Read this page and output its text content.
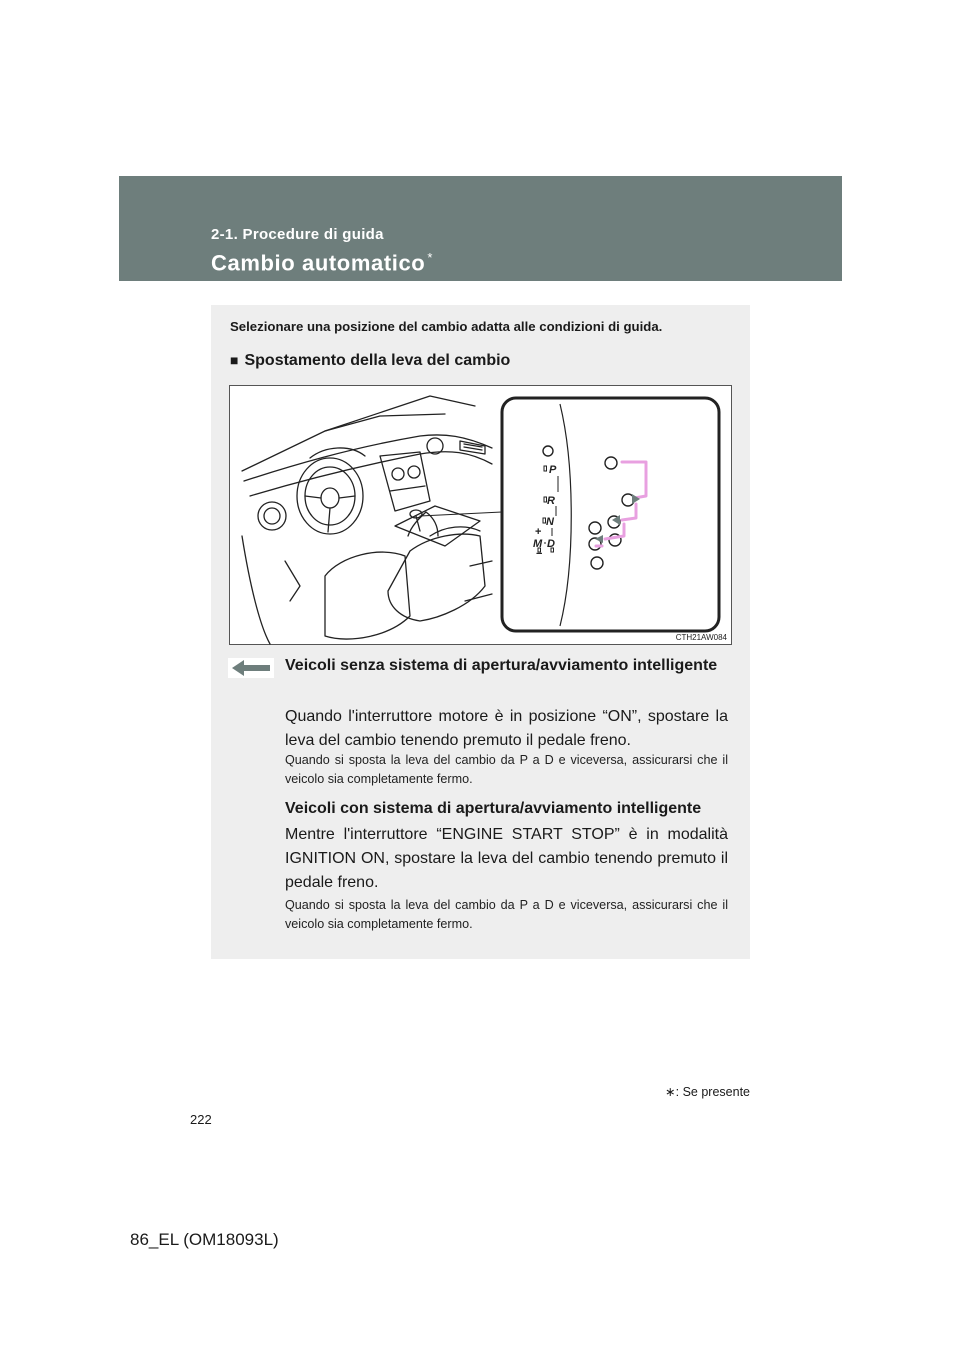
2-1. Procedure di guida
Cambio automatico *
Selezionare una posizione del cambio adatta alle condizioni di guida.
■ Spostamento della leva del cambio
P
R
N
M D
+
−
CTH21AW084
Veicoli senza sistema di apertura/avviamento intelligente
Quando l'interruttore motore è in posizione “ON”, spostare la leva del cambio tenendo premuto il pedale freno.
Quando si sposta la leva del cambio da P a D e viceversa, assicurarsi che il veicolo sia completamente fermo.
Veicoli con sistema di apertura/avviamento intelligente
Mentre l'interruttore “ENGINE START STOP” è in modalità IGNITION ON, spostare la leva del cambio tenendo premuto il pedale freno.
Quando si sposta la leva del cambio da P a D e viceversa, assicurarsi che il veicolo sia completamente fermo.
∗: Se presente
222
86_EL (OM18093L)
